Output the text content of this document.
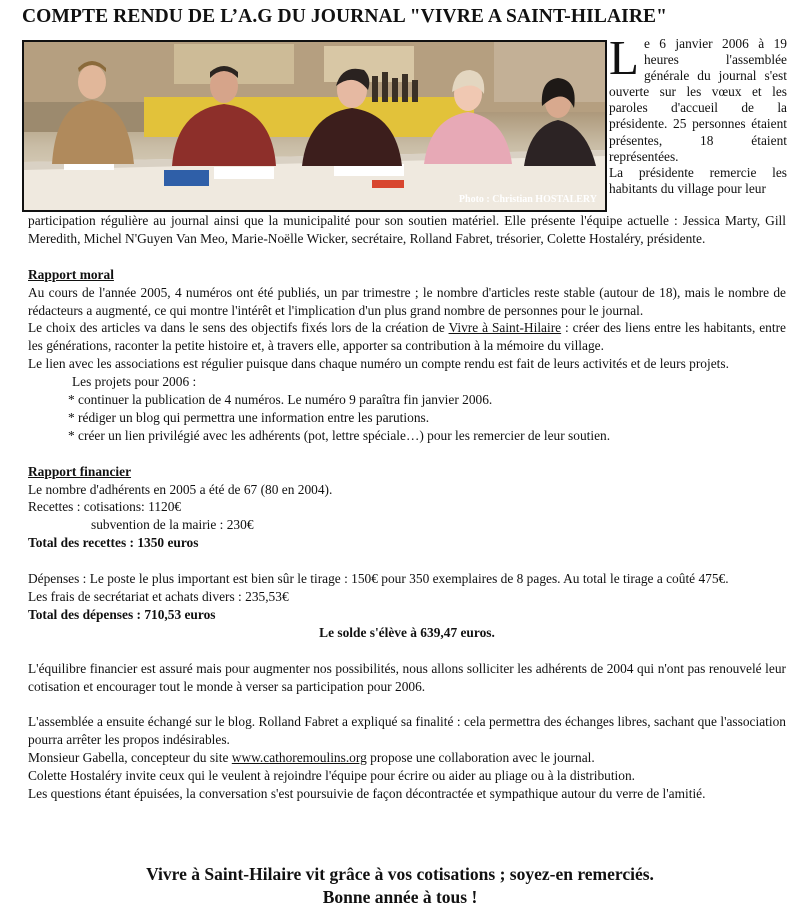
COMPTE RENDU DE L’A.G DU JOURNAL "VIVRE A SAINT-HILAIRE"
Photo : Christian HOSTALERY
L e 6 janvier 2006 à 19 heures l'assemblée générale du journal s'est ouverte sur les vœux et les paroles d'accueil de la présidente. 25 personnes étaient présentes, 18 étaient représentées.

La présidente remercie les habitants du village pour leur

participation régulière au journal ainsi que la municipalité pour son soutien matériel. Elle présente l'équipe actuelle : Jessica Marty, Gill Meredith, Michel N'Guyen Van Meo, Marie-Noëlle Wicker, secrétaire, Rolland Fabret, trésorier, Colette Hostaléry, présidente.

Rapport moral

Au cours de l'année 2005, 4 numéros ont été publiés, un par trimestre ; le nombre d'articles reste stable (autour de 18), mais le nombre de rédacteurs a augmenté, ce qui montre l'intérêt et l'implication d'un plus grand nombre de personnes pour le journal.

Le choix des articles va dans le sens des objectifs fixés lors de la création de Vivre à Saint-Hilaire : créer des liens entre les habitants, entre les générations, raconter la petite histoire et, à travers elle, apporter sa contribution à la mémoire du village.

Le lien avec les associations est régulier puisque dans chaque numéro un compte rendu est fait de leurs activités et de leurs projets.

Les projets pour 2006 :

* continuer la publication de 4 numéros. Le numéro 9 paraîtra fin janvier 2006.

* rédiger un blog qui permettra une information entre les parutions.

* créer un lien privilégié avec les adhérents (pot, lettre spéciale…) pour les remercier de leur soutien.

Rapport financier

Le nombre d'adhérents en 2005 a été de 67 (80 en 2004).

Recettes : cotisations: 1120€

subvention de la mairie : 230€

Total des recettes : 1350 euros

Dépenses : Le poste le plus important est bien sûr le tirage : 150€ pour 350 exemplaires de 8 pages. Au total le tirage a coûté 475€.

Les frais de secrétariat et achats divers : 235,53€

Total des dépenses : 710,53 euros

Le solde s'élève à 639,47 euros.

L'équilibre financier est assuré mais pour augmenter nos possibilités, nous allons solliciter les adhérents de 2004 qui n'ont pas renouvelé leur cotisation et encourager tout le monde à verser sa participation pour 2006.

L'assemblée a ensuite échangé sur le blog. Rolland Fabret a expliqué sa finalité : cela permettra des échanges libres, sachant que l'association pourra arrêter les propos indésirables.

Monsieur Gabella, concepteur du site www.cathoremoulins.org propose une collaboration avec le journal.

Colette Hostaléry invite ceux qui le veulent à rejoindre l'équipe pour écrire ou aider au pliage ou à la distribution.

Les questions étant épuisées, la conversation s'est poursuivie de façon décontractée et sympathique autour du verre de l'amitié.

Vivre à Saint-Hilaire vit grâce à vos cotisations ; soyez-en remerciés.
Bonne année à tous !
